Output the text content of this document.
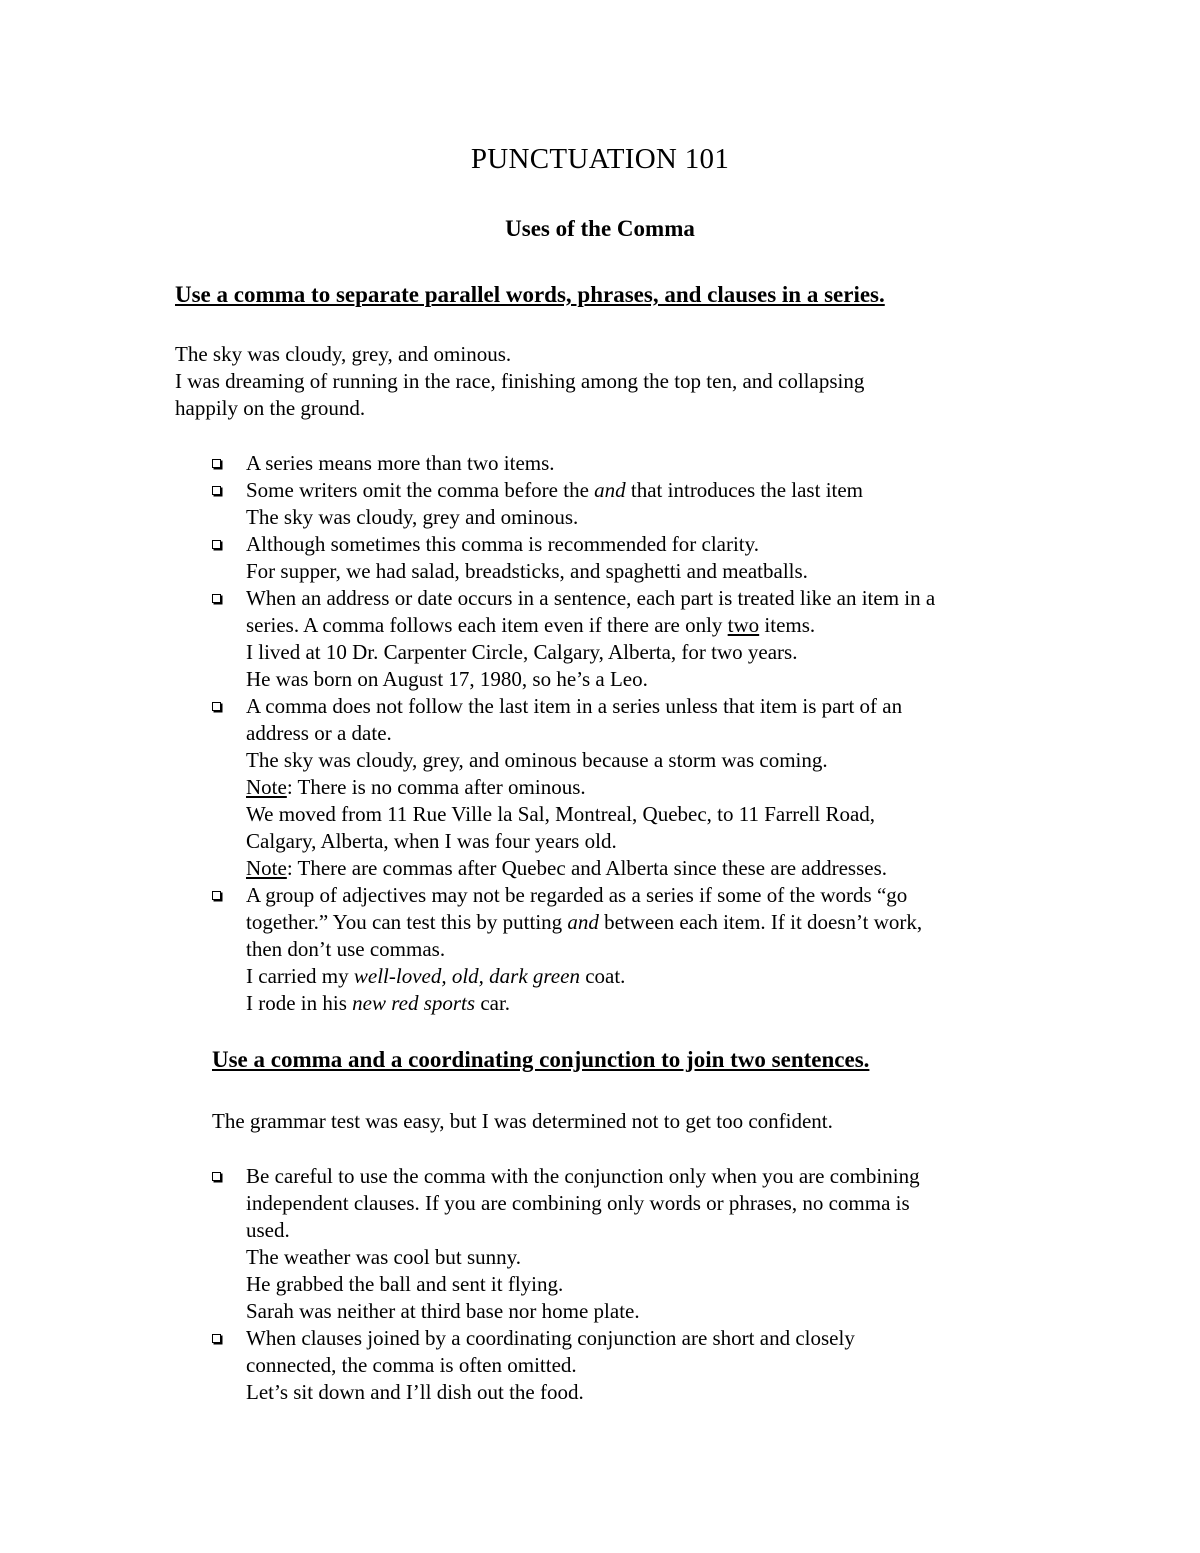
PUNCTUATION 101
Uses of the Comma
Use a comma to separate parallel words, phrases, and clauses in a series.
The sky was cloudy, grey, and ominous.
I was dreaming of running in the race, finishing among the top ten, and collapsing
happily on the ground.
A series means more than two items.
Some writers omit the comma before the and that introduces the last item
The sky was cloudy, grey and ominous.
Although sometimes this comma is recommended for clarity.
For supper, we had salad, breadsticks, and spaghetti and meatballs.
When an address or date occurs in a sentence, each part is treated like an item in a
series. A comma follows each item even if there are only two items.
I lived at 10 Dr. Carpenter Circle, Calgary, Alberta, for two years.
He was born on August 17, 1980, so he’s a Leo.
A comma does not follow the last item in a series unless that item is part of an
address or a date.
The sky was cloudy, grey, and ominous because a storm was coming.
Note: There is no comma after ominous.
We moved from 11 Rue Ville la Sal, Montreal, Quebec, to 11 Farrell Road,
Calgary, Alberta, when I was four years old.
Note: There are commas after Quebec and Alberta since these are addresses.
A group of adjectives may not be regarded as a series if some of the words “go
together.” You can test this by putting and between each item. If it doesn’t work,
then don’t use commas.
I carried my well-loved, old, dark green coat.
I rode in his new red sports car.
Use a comma and a coordinating conjunction to join two sentences.
The grammar test was easy, but I was determined not to get too confident.
Be careful to use the comma with the conjunction only when you are combining
independent clauses. If you are combining only words or phrases, no comma is
used.
The weather was cool but sunny.
He grabbed the ball and sent it flying.
Sarah was neither at third base nor home plate.
When clauses joined by a coordinating conjunction are short and closely
connected, the comma is often omitted.
Let’s sit down and I’ll dish out the food.
